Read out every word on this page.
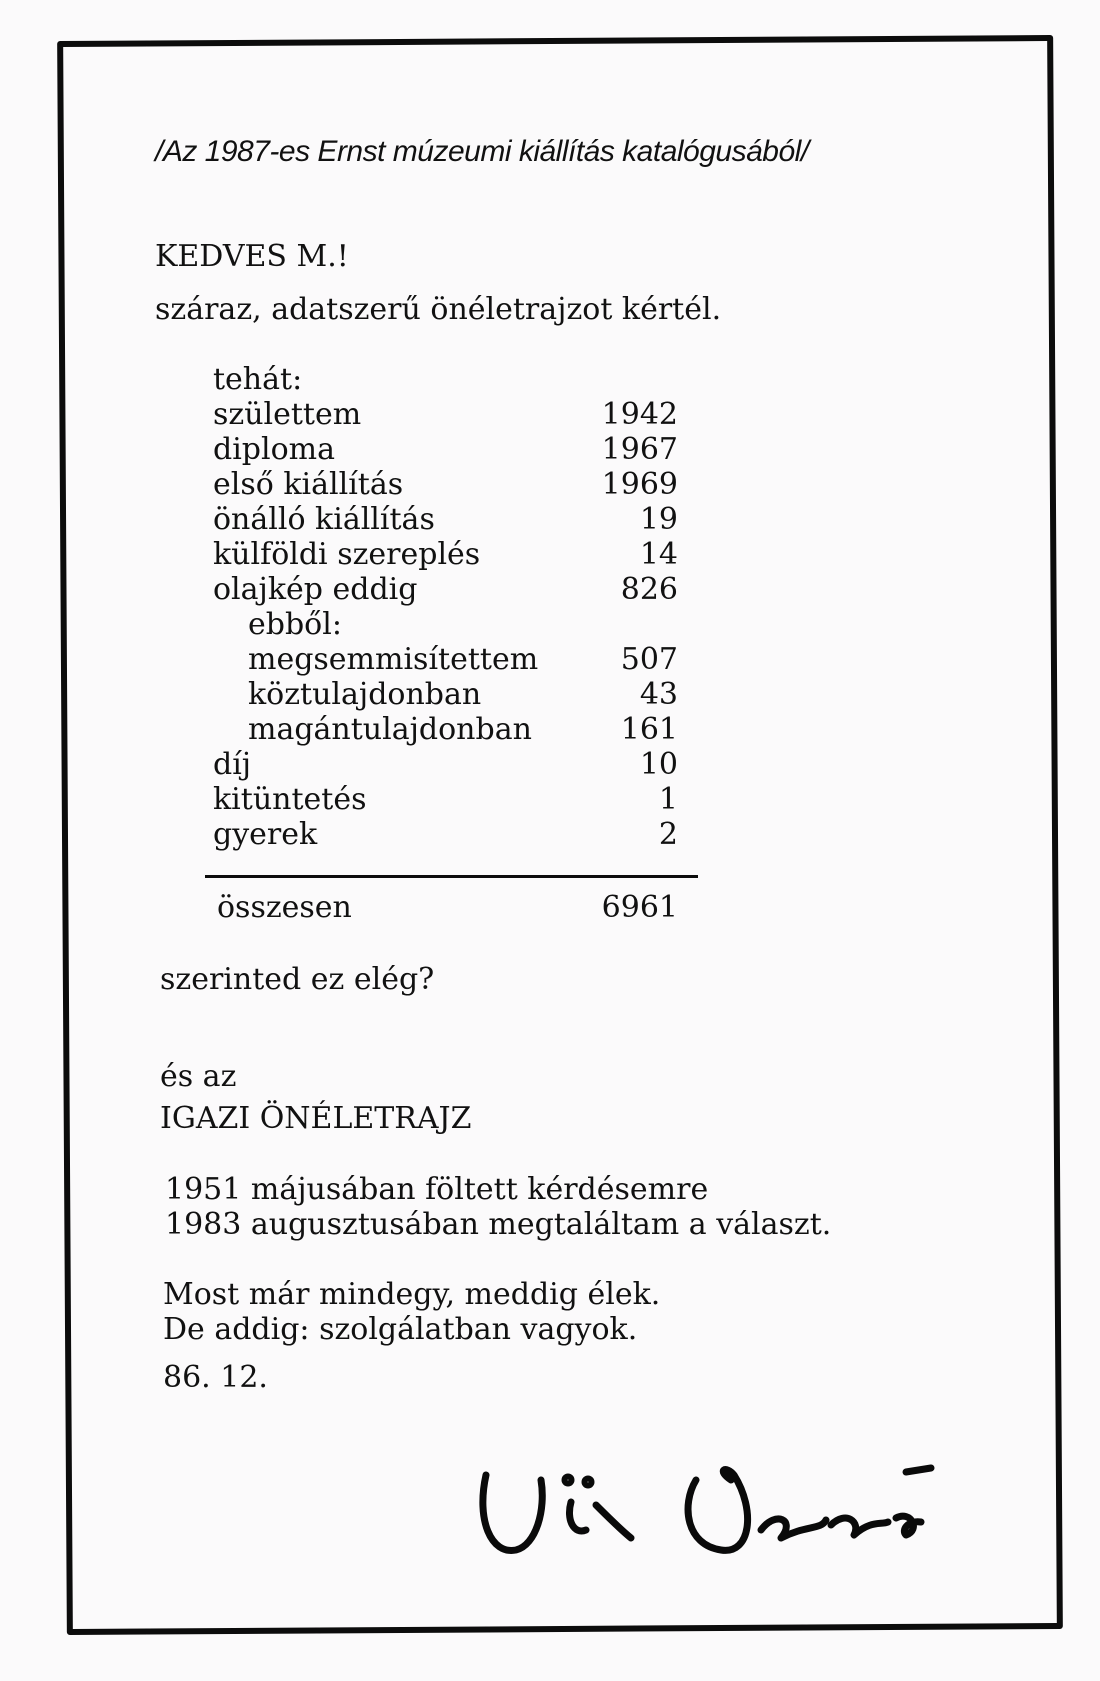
/Az 1987-es Ernst múzeumi kiállítás katalógusából/
KEDVES M.!
száraz, adatszerű önéletrajzot kértél.
tehát:
születtem	1942
diploma	1967
első kiállítás	1969
önálló kiállítás	19
külföldi szereplés	14
olajkép eddig	826
ebből:
megsemmisítettem	507
köztulajdonban	43
magántulajdonban	161
díj	10
kitüntetés	1
gyerek	2
összesen	6961
szerinted ez elég?
és az
IGAZI ÖNÉLETRAJZ
1951 májusában föltett kérdésemre
1983 augusztusában megtaláltam a választ.
Most már mindegy, meddig élek.
De addig: szolgálatban vagyok.
86. 12.
